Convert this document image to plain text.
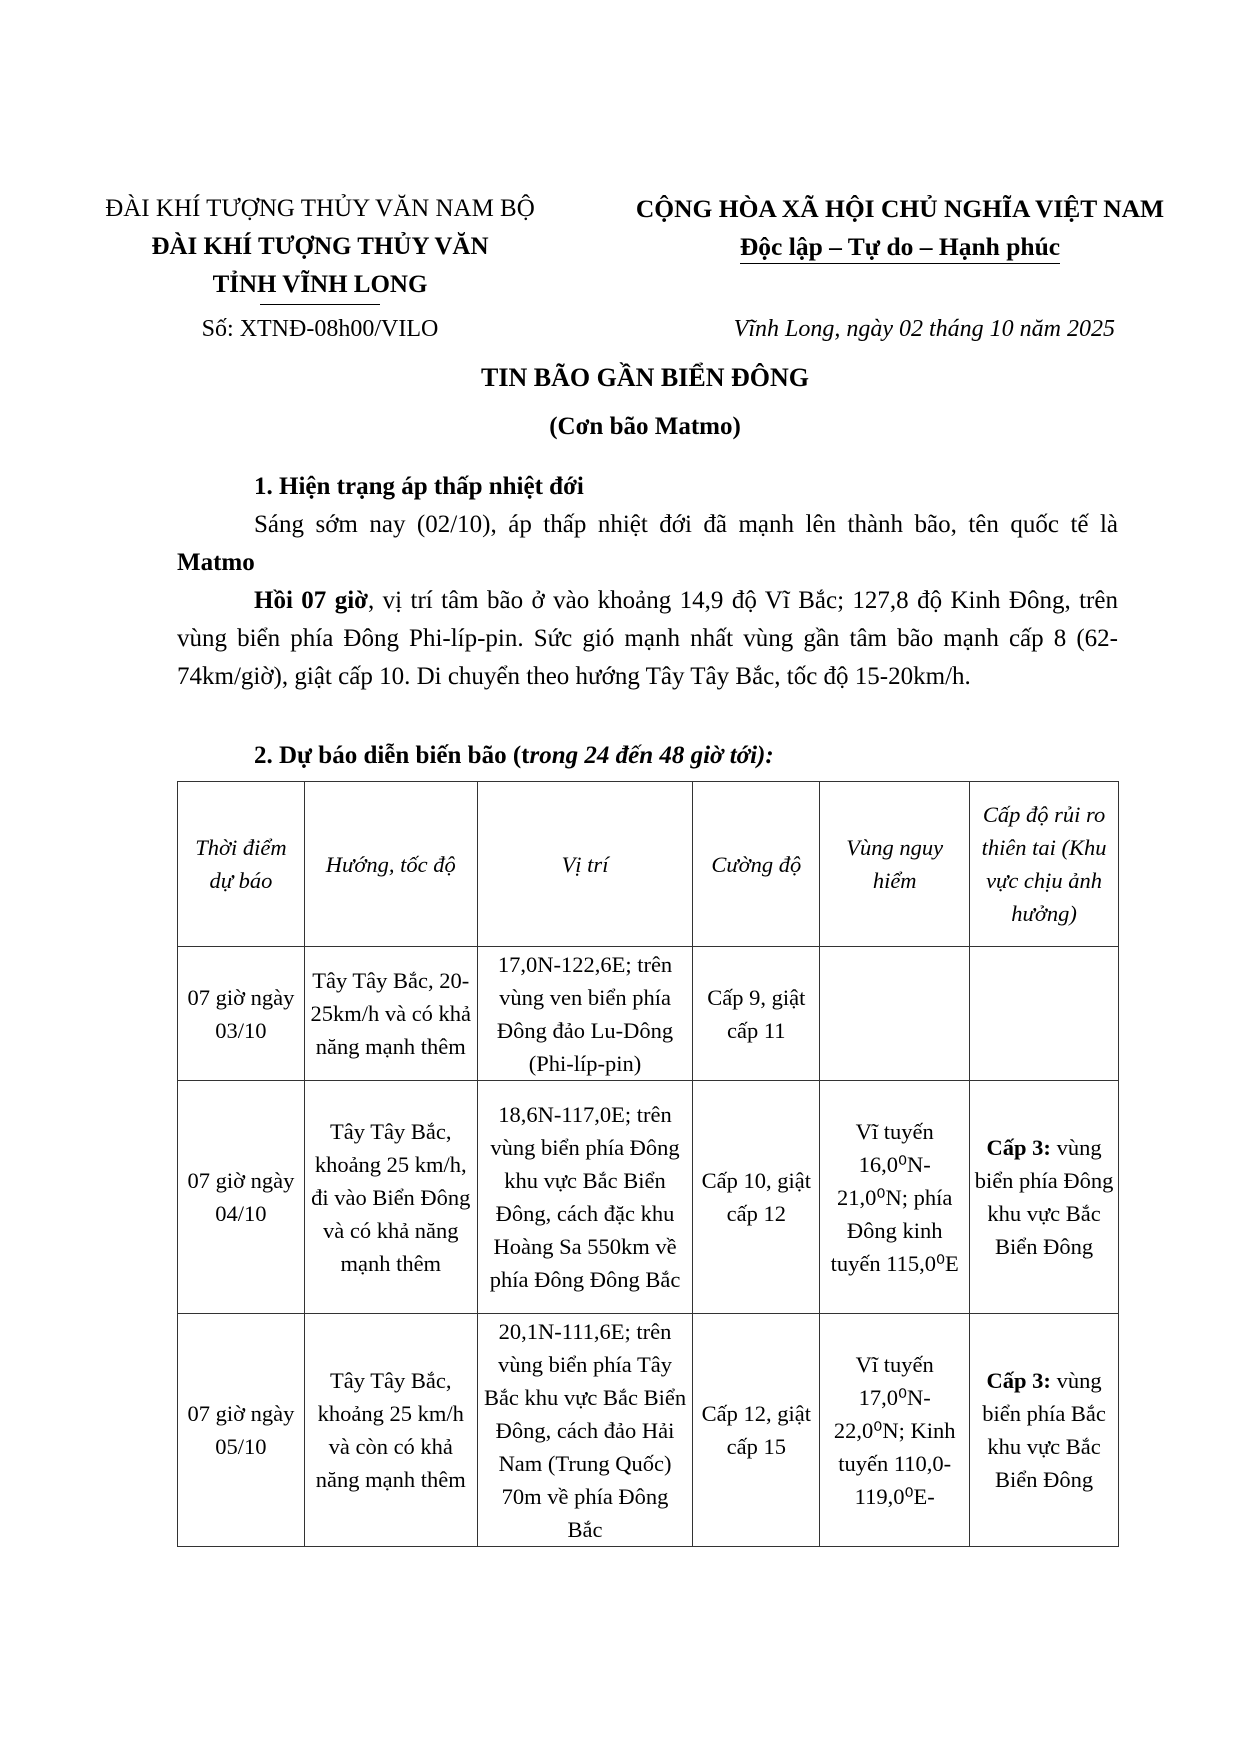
ĐÀI KHÍ TƯỢNG THỦY VĂN NAM BỘ
ĐÀI KHÍ TƯỢNG THỦY VĂN
TỈNH VĨNH LONG
CỘNG HÒA XÃ HỘI CHỦ NGHĨA VIỆT NAM
Độc lập – Tự do – Hạnh phúc
Số: XTNĐ-08h00/VILO	Vĩnh Long, ngày 02 tháng 10 năm 2025
TIN BÃO GẦN BIỂN ĐÔNG
(Cơn bão Matmo)
1. Hiện trạng áp thấp nhiệt đới
Sáng sớm nay (02/10), áp thấp nhiệt đới đã mạnh lên thành bão, tên quốc tế là Matmo
Hồi 07 giờ, vị trí tâm bão ở vào khoảng 14,9 độ Vĩ Bắc; 127,8 độ Kinh Đông, trên vùng biển phía Đông Phi-líp-pin. Sức gió mạnh nhất vùng gần tâm bão mạnh cấp 8 (62-74km/giờ), giật cấp 10. Di chuyển theo hướng Tây Tây Bắc, tốc độ 15-20km/h.
2. Dự báo diễn biến bão (trong 24 đến 48 giờ tới):
Thời điểm dự báo	Hướng, tốc độ	Vị trí	Cường độ	Vùng nguy hiểm	Cấp độ rủi ro thiên tai (Khu vực chịu ảnh hưởng)
07 giờ ngày 03/10	Tây Tây Bắc, 20-25km/h và có khả năng mạnh thêm	17,0N-122,6E; trên vùng ven biển phía Đông đảo Lu-Dông (Phi-líp-pin)	Cấp 9, giật cấp 11		
07 giờ ngày 04/10	Tây Tây Bắc, khoảng 25 km/h, đi vào Biển Đông và có khả năng mạnh thêm	18,6N-117,0E; trên vùng biển phía Đông khu vực Bắc Biển Đông, cách đặc khu Hoàng Sa 550km về phía Đông Đông Bắc	Cấp 10, giật cấp 12	Vĩ tuyến 16,0⁰N-21,0⁰N; phía Đông kinh tuyến 115,0⁰E	Cấp 3: vùng biển phía Đông khu vực Bắc Biển Đông
07 giờ ngày 05/10	Tây Tây Bắc, khoảng 25 km/h và còn có khả năng mạnh thêm	20,1N-111,6E; trên vùng biển phía Tây Bắc khu vực Bắc Biển Đông, cách đảo Hải Nam (Trung Quốc) 70m về phía Đông Bắc	Cấp 12, giật cấp 15	Vĩ tuyến 17,0⁰N-22,0⁰N; Kinh tuyến 110,0-119,0⁰E-	Cấp 3: vùng biển phía Bắc khu vực Bắc Biển Đông
